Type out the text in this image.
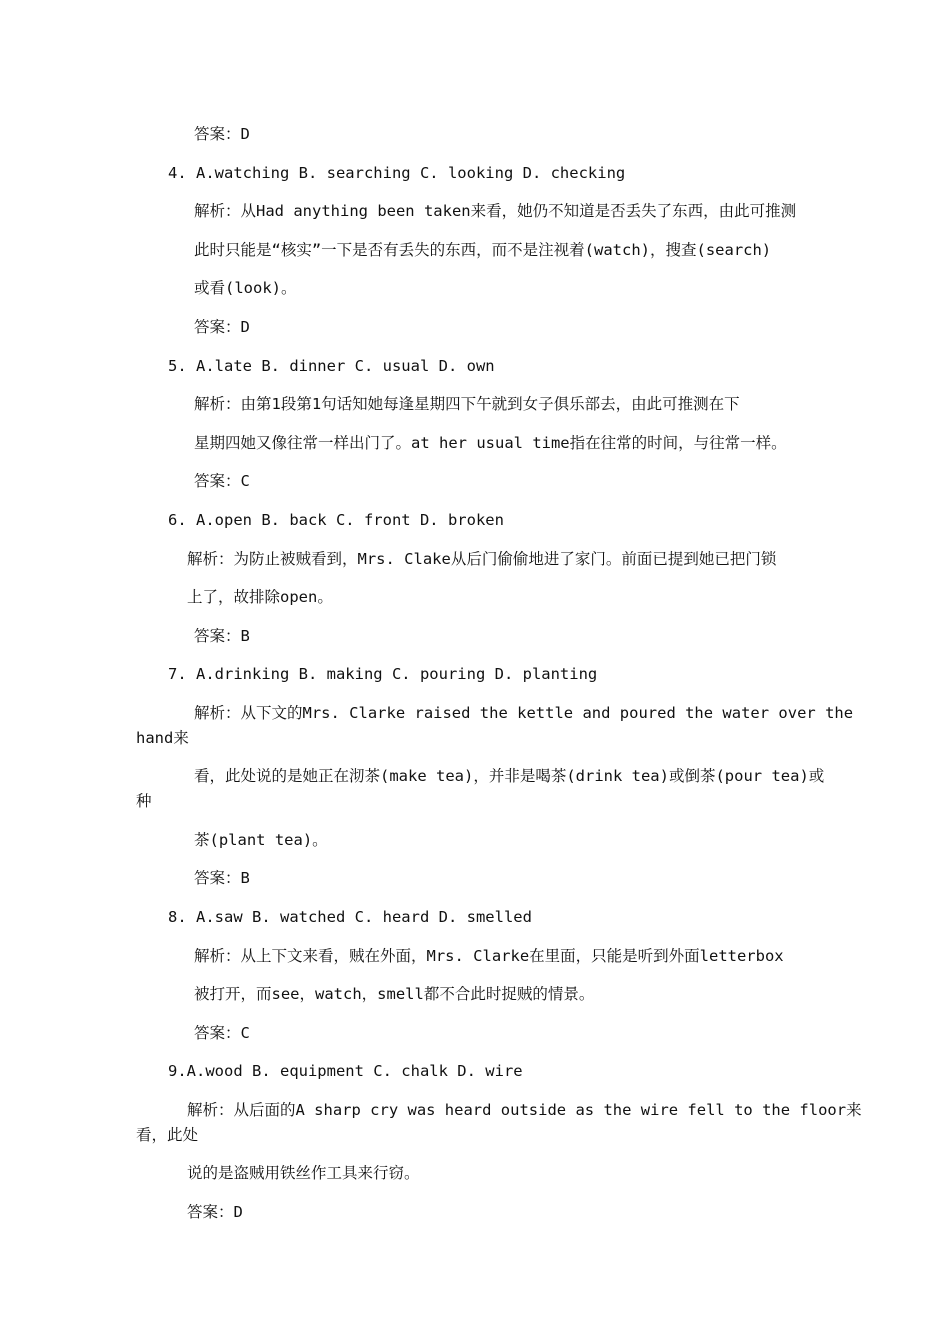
答案：D
4. A.watching B. searching C. looking D. checking
解析：从Had anything been taken来看，她仍不知道是否丢失了东西，由此可推测
此时只能是“核实”一下是否有丢失的东西，而不是注视着(watch)，搜查(search)
或看(look)。
答案：D
5. A.late B. dinner C. usual D. own
解析：由第1段第1句话知她每逢星期四下午就到女子俱乐部去，由此可推测在下
星期四她又像往常一样出门了。at her usual time指在往常的时间，与往常一样。
答案：C
6. A.open B. back C. front D. broken
解析：为防止被贼看到，Mrs. Clake从后门偷偷地进了家门。前面已提到她已把门锁
上了，故排除open。
答案：B
7. A.drinking B. making C. pouring D. planting
解析：从下文的Mrs. Clarke raised the kettle and poured the water over the
hand来
看，此处说的是她正在沏茶(make tea)，并非是喝茶(drink tea)或倒茶(pour tea)或
种
茶(plant tea)。
答案：B
8. A.saw B. watched C. heard D. smelled
解析：从上下文来看，贼在外面，Mrs. Clarke在里面，只能是听到外面letterbox
被打开，而see，watch，smell都不合此时捉贼的情景。
答案：C
9.A.wood B. equipment C. chalk D. wire
解析：从后面的A sharp cry was heard outside as the wire fell to the floor来
看，此处
说的是盗贼用铁丝作工具来行窃。
答案：D
